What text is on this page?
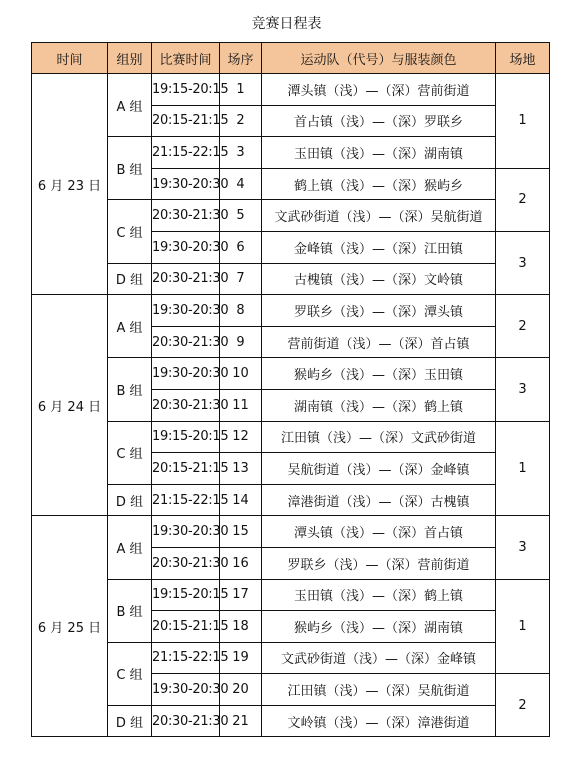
竞赛日程表
时间	组别	比赛时间	场序	运动队（代号）与服装颜色	场地
6 月 23 日	A 组	19:15-20:15	1	潭头镇（浅）—（深）营前街道	1
		20:15-21:15	2	首占镇（浅）—（深）罗联乡	
	B 组	21:15-22:15	3	玉田镇（浅）—（深）湖南镇	
		19:30-20:30	4	鹤上镇（浅）—（深）猴屿乡	2
	C 组	20:30-21:30	5	文武砂街道（浅）—（深）吴航街道	
		19:30-20:30	6	金峰镇（浅）—（深）江田镇	3
	D 组	20:30-21:30	7	古槐镇（浅）—（深）文岭镇	
6 月 24 日	A 组	19:30-20:30	8	罗联乡（浅）—（深）潭头镇	2
		20:30-21:30	9	营前街道（浅）—（深）首占镇	
	B 组	19:30-20:30	10	猴屿乡（浅）—（深）玉田镇	3
		20:30-21:30	11	湖南镇（浅）—（深）鹤上镇	
	C 组	19:15-20:15	12	江田镇（浅）—（深）文武砂街道	1
		20:15-21:15	13	吴航街道（浅）—（深）金峰镇	
	D 组	21:15-22:15	14	漳港街道（浅）—（深）古槐镇	
6 月 25 日	A 组	19:30-20:30	15	潭头镇（浅）—（深）首占镇	3
		20:30-21:30	16	罗联乡（浅）—（深）营前街道	
	B 组	19:15-20:15	17	玉田镇（浅）—（深）鹤上镇	1
		20:15-21:15	18	猴屿乡（浅）—（深）湖南镇	
	C 组	21:15-22:15	19	文武砂街道（浅）—（深）金峰镇	
		19:30-20:30	20	江田镇（浅）—（深）吴航街道	2
	D 组	20:30-21:30	21	文岭镇（浅）—（深）漳港街道	
